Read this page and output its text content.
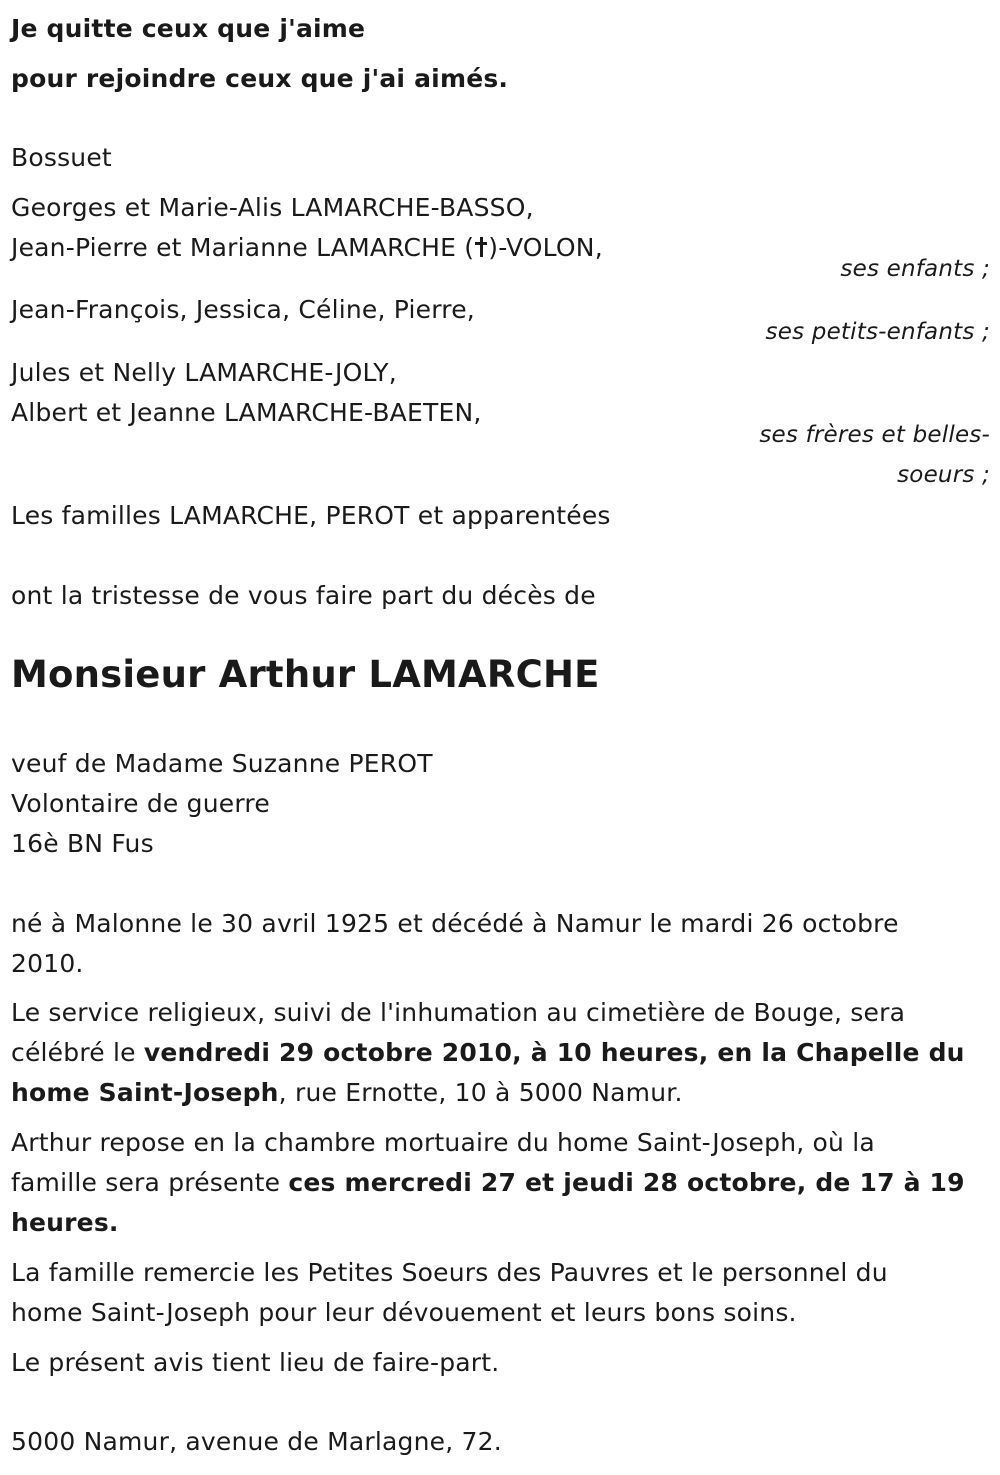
Je quitte ceux que j'aime
pour rejoindre ceux que j'ai aimés.
Bossuet
Georges et Marie-Alis LAMARCHE-BASSO,
Jean-Pierre et Marianne LAMARCHE ( )-VOLON,
ses enfants ;
Jean-François, Jessica, Céline, Pierre,
ses petits-enfants ;
Jules et Nelly LAMARCHE-JOLY,
Albert et Jeanne LAMARCHE-BAETEN,
ses frères et belles-
soeurs ;
Les familles LAMARCHE, PEROT et apparentées
ont la tristesse de vous faire part du décès de
Monsieur Arthur LAMARCHE
veuf de Madame Suzanne PEROT
Volontaire de guerre
16è BN Fus
né à Malonne le 30 avril 1925 et décédé à Namur le mardi 26 octobre
2010.
Le service religieux, suivi de l'inhumation au cimetière de Bouge, sera
célébré le vendredi 29 octobre 2010, à 10 heures, en la Chapelle du
home Saint-Joseph, rue Ernotte, 10 à 5000 Namur.
Arthur repose en la chambre mortuaire du home Saint-Joseph, où la
famille sera présente ces mercredi 27 et jeudi 28 octobre, de 17 à 19
heures.
La famille remercie les Petites Soeurs des Pauvres et le personnel du
home Saint-Joseph pour leur dévouement et leurs bons soins.
Le présent avis tient lieu de faire-part.
5000 Namur, avenue de Marlagne, 72.
